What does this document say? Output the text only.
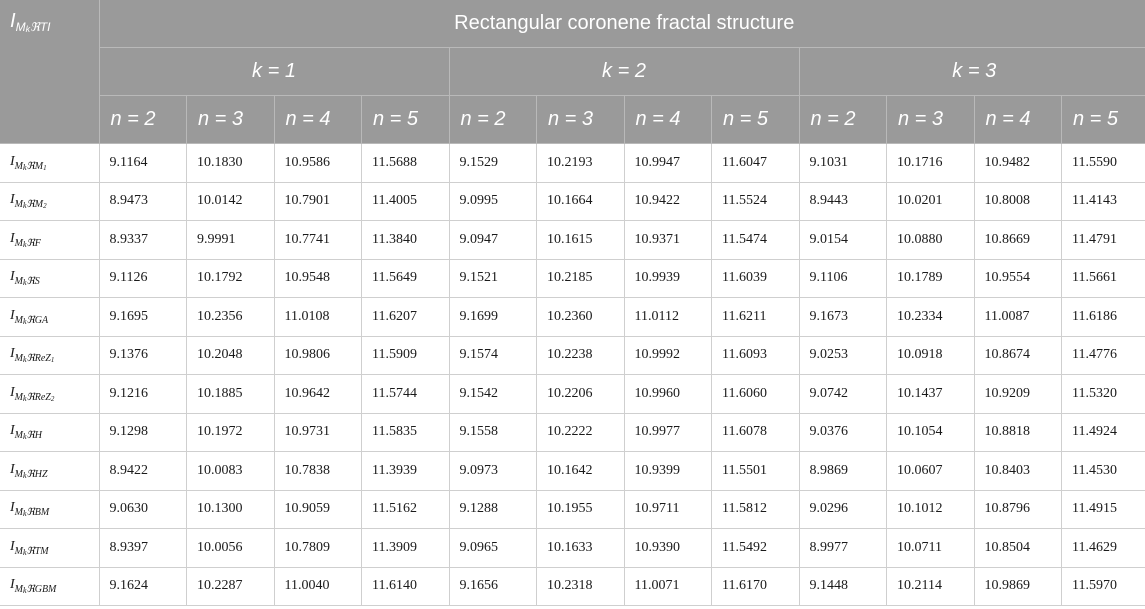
$I_{MkℜTI}$	Rectangular coronene fractal structure											
	k = 1				k = 2				k = 3			
	n = 2	n = 3	n = 4	n = 5	n = 2	n = 3	n = 4	n = 5	n = 2	n = 3	n = 4	n = 5
$I_{MkℜM1}$	9.1164	10.1830	10.9586	11.5688	9.1529	10.2193	10.9947	11.6047	9.1031	10.1716	10.9482	11.5590
$I_{MkℜM2}$	8.9473	10.0142	10.7901	11.4005	9.0995	10.1664	10.9422	11.5524	8.9443	10.0201	10.8008	11.4143
$I_{MkℜF}$	8.9337	9.9991	10.7741	11.3840	9.0947	10.1615	10.9371	11.5474	9.0154	10.0880	10.8669	11.4791
$I_{MkℜS}$	9.1126	10.1792	10.9548	11.5649	9.1521	10.2185	10.9939	11.6039	9.1106	10.1789	10.9554	11.5661
$I_{MkℜGA}$	9.1695	10.2356	11.0108	11.6207	9.1699	10.2360	11.0112	11.6211	9.1673	10.2334	11.0087	11.6186
$I_{MkℜReZ1}$	9.1376	10.2048	10.9806	11.5909	9.1574	10.2238	10.9992	11.6093	9.0253	10.0918	10.8674	11.4776
$I_{MkℜReZ2}$	9.1216	10.1885	10.9642	11.5744	9.1542	10.2206	10.9960	11.6060	9.0742	10.1437	10.9209	11.5320
$I_{MkℜH}$	9.1298	10.1972	10.9731	11.5835	9.1558	10.2222	10.9977	11.6078	9.0376	10.1054	10.8818	11.4924
$I_{MkℜHZ}$	8.9422	10.0083	10.7838	11.3939	9.0973	10.1642	10.9399	11.5501	8.9869	10.0607	10.8403	11.4530
$I_{MkℜBM}$	9.0630	10.1300	10.9059	11.5162	9.1288	10.1955	10.9711	11.5812	9.0296	10.1012	10.8796	11.4915
$I_{MkℜTM}$	8.9397	10.0056	10.7809	11.3909	9.0965	10.1633	10.9390	11.5492	8.9977	10.0711	10.8504	11.4629
$I_{MkℜGBM}$	9.1624	10.2287	11.0040	11.6140	9.1656	10.2318	11.0071	11.6170	9.1448	10.2114	10.9869	11.5970
